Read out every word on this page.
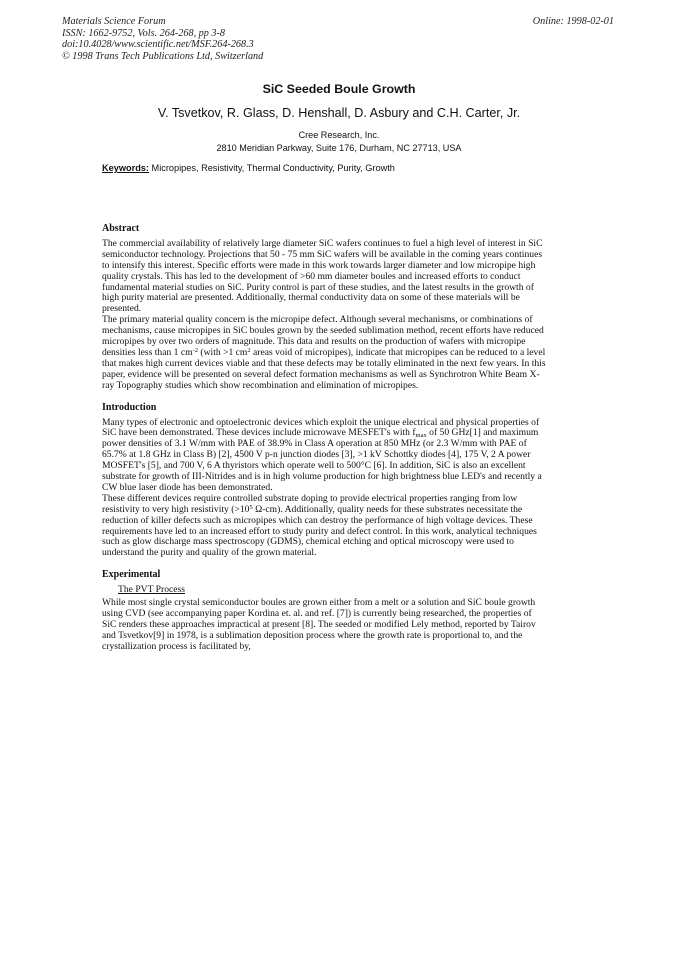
Materials Science Forum
ISSN: 1662-9752, Vols. 264-268, pp 3-8
doi:10.4028/www.scientific.net/MSF.264-268.3
© 1998 Trans Tech Publications Ltd, Switzerland
Online: 1998-02-01
SiC Seeded Boule Growth
V. Tsvetkov, R. Glass, D. Henshall, D. Asbury and C.H. Carter, Jr.
Cree Research, Inc.
2810 Meridian Parkway, Suite 176, Durham, NC 27713, USA
Keywords: Micropipes, Resistivity, Thermal Conductivity, Purity, Growth
Abstract

The commercial availability of relatively large diameter SiC wafers continues to fuel a high level of interest in SiC semiconductor technology. Projections that 50 - 75 mm SiC wafers will be available in the coming years continues to intensify this interest. Specific efforts were made in this work towards larger diameter and low micropipe high quality crystals. This has led to the development of >60 mm diameter boules and increased efforts to conduct fundamental material studies on SiC. Purity control is part of these studies, and the latest results in the growth of high purity material are presented. Additionally, thermal conductivity data on some of these materials will be presented.

The primary material quality concern is the micropipe defect. Although several mechanisms, or combinations of mechanisms, cause micropipes in SiC boules grown by the seeded sublimation method, recent efforts have reduced micropipes by over two orders of magnitude. This data and results on the production of wafers with micropipe densities less than 1 $cm^{-2}$ (with >1 $cm^2$ areas void of micropipes), indicate that micropipes can be reduced to a level that makes high current devices viable and that these defects may be totally eliminated in the next few years. In this paper, evidence will be presented on several defect formation mechanisms as well as Synchrotron White Beam X-ray Topography studies which show recombination and elimination of micropipes.

Introduction

Many types of electronic and optoelectronic devices which exploit the unique electrical and physical properties of SiC have been demonstrated. These devices include microwave MESFET's with $f_{max}$ of 50 GHz[1] and maximum power densities of 3.1 W/mm with PAE of 38.9% in Class A operation at 850 MHz (or 2.3 W/mm with PAE of 65.7% at 1.8 GHz in Class B) [2], 4500 V p-n junction diodes [3], >1 kV Schottky diodes [4], 175 V, 2 A power MOSFET's [5], and 700 V, 6 A thyristors which operate well to 500°C [6]. In addition, SiC is also an excellent substrate for growth of III-Nitrides and is in high volume production for high brightness blue LED's and recently a CW blue laser diode has been demonstrated.

These different devices require controlled substrate doping to provide electrical properties ranging from low resistivity to very high resistivity ($>10^5$ Ω-cm). Additionally, quality needs for these substrates necessitate the reduction of killer defects such as micropipes which can destroy the performance of high voltage devices. These requirements have led to an increased effort to study purity and defect control. In this work, analytical techniques such as glow discharge mass spectroscopy (GDMS), chemical etching and optical microscopy were used to understand the purity and quality of the grown material.

Experimental

The PVT Process

While most single crystal semiconductor boules are grown either from a melt or a solution and SiC boule growth using CVD (see accompanying paper Kordina et. al. and ref. [7]) is currently being researched, the properties of SiC renders these approaches impractical at present [8]. The seeded or modified Lely method, reported by Tairov and Tsvetkov[9] in 1978, is a sublimation deposition process where the growth rate is proportional to, and the crystallization process is facilitated by,
